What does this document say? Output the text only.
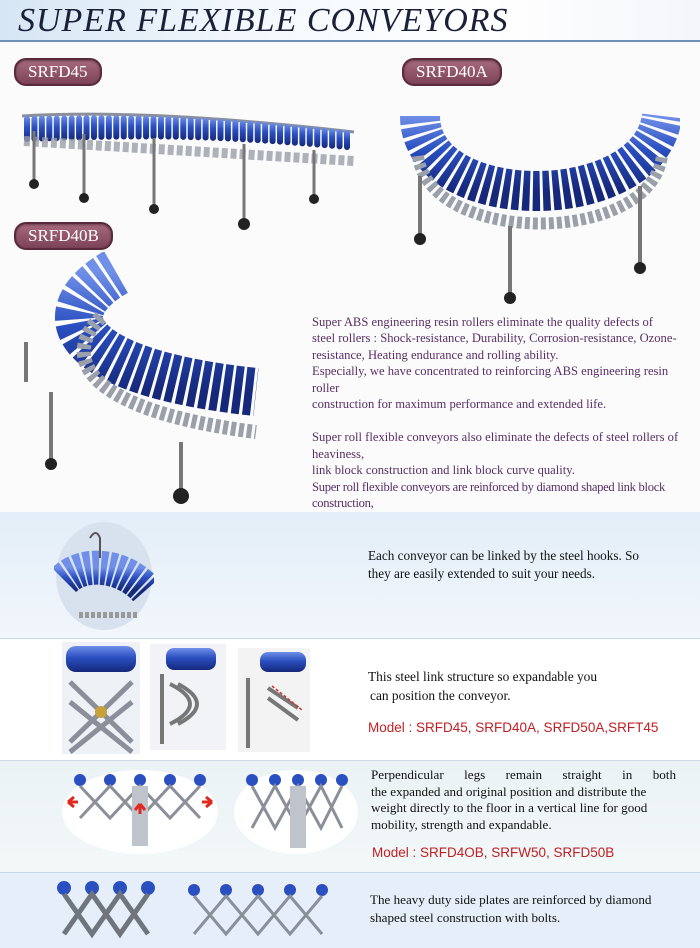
SUPER FLEXIBLE CONVEYORS
SRFD45	SRFD40A
SRFD40B

Super ABS engineering resin rollers eliminate the quality defects of

steel rollers : Shock-resistance, Durability, Corrosion-resistance, Ozone-

resistance, Heating endurance and rolling ability.

Especially, we have concentrated to reinforcing ABS engineering resin roller

construction for maximum performance and extended life.

Super roll flexible conveyors also eliminate the defects of steel rollers of heaviness,

link block construction and link block curve quality.

Super roll flexible conveyors are reinforced by diamond shaped link block construction,

Each conveyor can be linked by the steel hooks. So
they are easily extended to suit your needs.
This steel link structure so expandable you
can position the conveyor.
Model : SRFD45, SRFD40A, SRFD50A,SRFT45
Perpendicular legs remain straight in both
the expanded and original position and distribute the
weight directly to the floor in a vertical line for good
mobility, strength and expandable.
Model : SRFD4OB, SRFW50, SRFD50B
The heavy duty side plates are reinforced by diamond
shaped steel construction with bolts.
